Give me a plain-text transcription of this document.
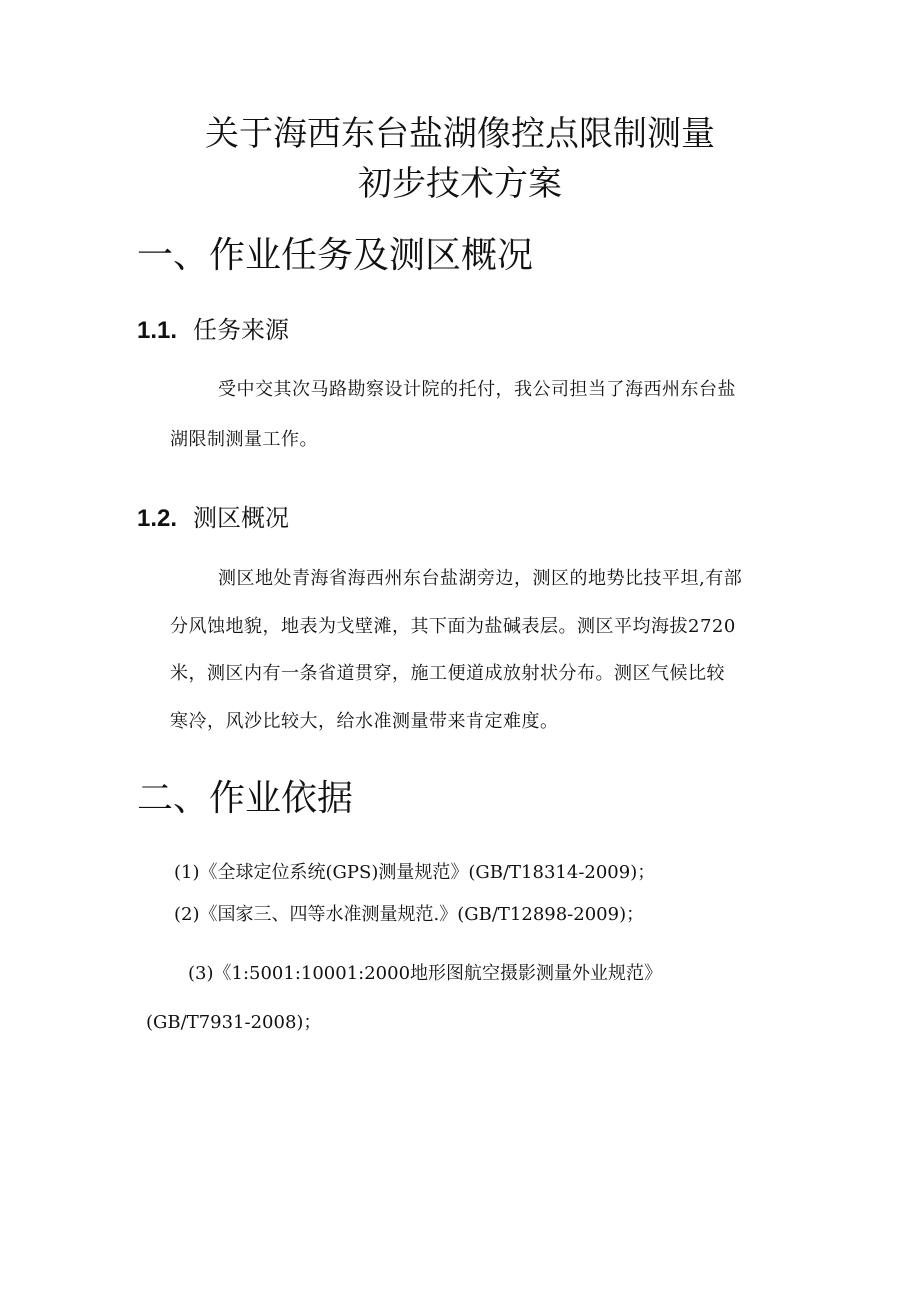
关于海西东台盐湖像控点限制测量
初步技术方案
一、作业任务及测区概况
1.1. 任务来源
受中交其次马路勘察设计院的托付，我公司担当了海西州东台盐
湖限制测量工作。
1.2. 测区概况
测区地处青海省海西州东台盐湖旁边，测区的地势比技平坦,有部
分风蚀地貌，地表为戈壁滩，其下面为盐碱表层。测区平均海拔2720
米，测区内有一条省道贯穿，施工便道成放射状分布。测区气候比较
寒冷，风沙比较大，给水准测量带来肯定难度。
二、作业依据
(1)《全球定位系统(GPS)测量规范》(GB/T18314-2009)；
(2)《国家三、四等水准测量规范.》(GB/T12898-2009)；
(3)《1:5001:10001:2000地形图航空摄影测量外业规范》
(GB/T7931-2008)；
